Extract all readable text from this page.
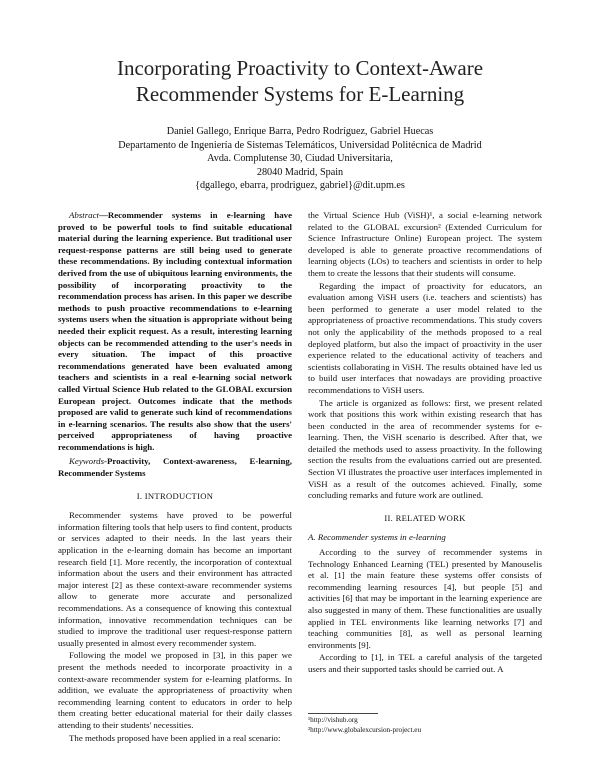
Incorporating Proactivity to Context-Aware
Recommender Systems for E-Learning
Daniel Gallego, Enrique Barra, Pedro Rodríguez, Gabriel Huecas
Departamento de Ingeniería de Sistemas Telemáticos, Universidad Politécnica de Madrid
Avda. Complutense 30, Ciudad Universitaria,
28040 Madrid, Spain
{dgallego, ebarra, prodriguez, gabriel}@dit.upm.es

Abstract—Recommender systems in e-learning have proved to be powerful tools to find suitable educational material during the learning experience. But traditional user request-response patterns are still being used to generate these recommendations. By including contextual information derived from the use of ubiquitous learning environments, the possibility of incorporating proactivity to the recommendation process has arisen. In this paper we describe methods to push proactive recommendations to e-learning systems users when the situation is appropriate without being needed their explicit request. As a result, interesting learning objects can be recommended attending to the user's needs in every situation. The impact of this proactive recommendations generated have been evaluated among teachers and scientists in a real e-learning social network called Virtual Science Hub related to the GLOBAL excursion European project. Outcomes indicate that the methods proposed are valid to generate such kind of recommendations in e-learning scenarios. The results also show that the users' perceived appropriateness of having proactive recommendations is high.

Keywords-Proactivity, Context-awareness, E-learning, Recommender Systems

I. INTRODUCTION

Recommender systems have proved to be powerful information filtering tools that help users to find content, products or services adapted to their needs. In the last years their application in the e-learning domain has become an important research field [1]. More recently, the incorporation of contextual information about the users and their environment has attracted major interest [2] as these context-aware recommender systems allow to generate more accurate and personalized recommendations. As a consequence of knowing this contextual information, innovative recommendation techniques can be studied to improve the traditional user request-response pattern usually presented in almost every recommender system.

Following the model we proposed in [3], in this paper we present the methods needed to incorporate proactivity in a context-aware recommender system for e-learning platforms. In addition, we evaluate the appropriateness of proactivity when recommending learning content to educators in order to help them creating better educational material for their daily classes attending to their students' necessities.

The methods proposed have been applied in a real scenario:

the Virtual Science Hub (ViSH)¹, a social e-learning network related to the GLOBAL excursion² (Extended Curriculum for Science Infrastructure Online) European project. The system developed is able to generate proactive recommendations of learning objects (LOs) to teachers and scientists in order to help them to create the lessons that their students will consume.

Regarding the impact of proactivity for educators, an evaluation among ViSH users (i.e. teachers and scientists) has been performed to generate a user model related to the appropriateness of proactive recommendations. This study covers not only the applicability of the methods proposed to a real deployed platform, but also the impact of proactivity in the user experience related to the educational activity of teachers and scientists collaborating in ViSH. The results obtained have led us to build user interfaces that nowadays are providing proactive recommendations to ViSH users.

The article is organized as follows: first, we present related work that positions this work within existing research that has been conducted in the area of recommender systems for e-learning. Then, the ViSH scenario is described. After that, we detailed the methods used to assess proactivity. In the following section the results from the evaluations carried out are presented. Section VI illustrates the proactive user interfaces implemented in ViSH as a result of the outcomes achieved. Finally, some concluding remarks and future work are outlined.

II. RELATED WORK
A. Recommender systems in e-learning

According to the survey of recommender systems in Technology Enhanced Learning (TEL) presented by Manouselis et al. [1] the main feature these systems offer consists of recommending learning resources [4], but people [5] and activities [6] that may be important in the learning experience are also suggested in many of them. These functionalities are usually applied in TEL environments like learning networks [7] and teaching communities [8], as well as personal learning environments [9].

According to [1], in TEL a careful analysis of the targeted users and their supported tasks should be carried out. A

¹http://vishub.org
²http://www.globalexcursion-project.eu
